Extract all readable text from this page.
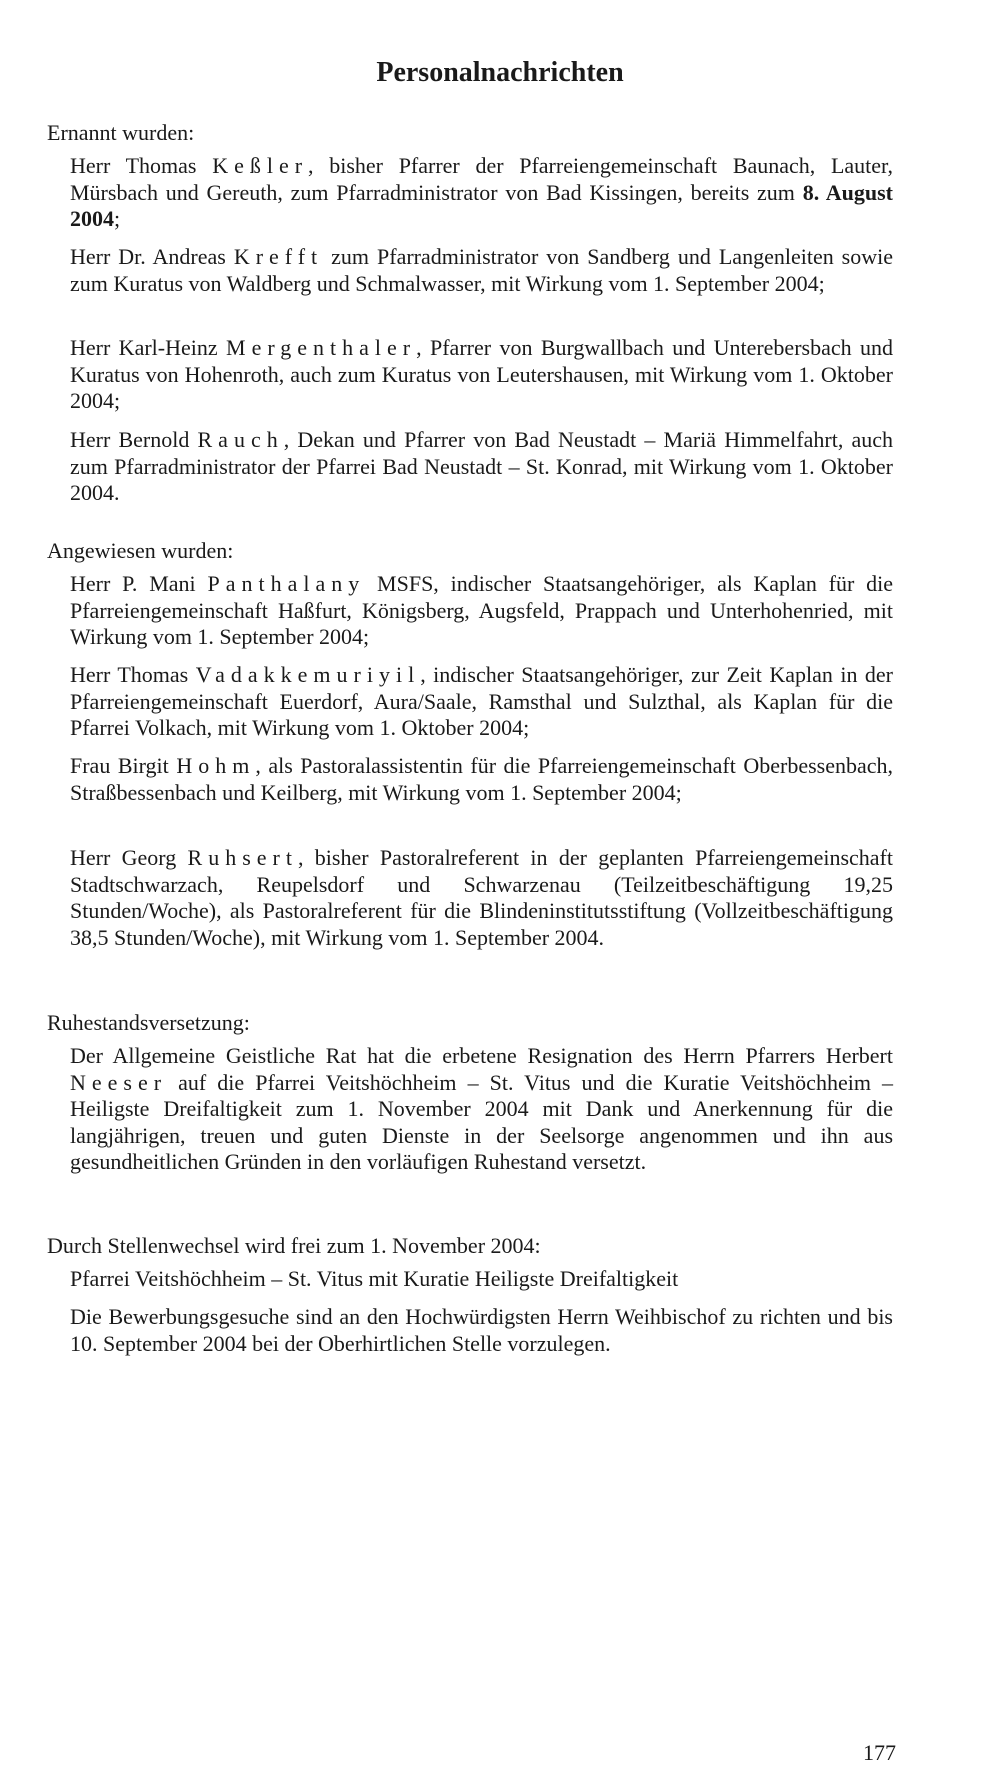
Personalnachrichten

Ernannt wurden:

Herr Thomas Keßler, bisher Pfarrer der Pfarreiengemeinschaft Baunach, Lauter, Mürsbach und Gereuth, zum Pfarradministrator von Bad Kissingen, bereits zum 8. August 2004;

Herr Dr. Andreas Krefft zum Pfarradministrator von Sandberg und Langenleiten sowie zum Kuratus von Waldberg und Schmalwasser, mit Wirkung vom 1. September 2004;

Herr Karl-Heinz Mergenthaler, Pfarrer von Burgwallbach und Unterebersbach und Kuratus von Hohenroth, auch zum Kuratus von Leutershausen, mit Wirkung vom 1. Oktober 2004;

Herr Bernold Rauch, Dekan und Pfarrer von Bad Neustadt – Mariä Himmelfahrt, auch zum Pfarradministrator der Pfarrei Bad Neustadt – St. Konrad, mit Wirkung vom 1. Oktober 2004.

Angewiesen wurden:

Herr P. Mani Panthalany MSFS, indischer Staatsangehöriger, als Kaplan für die Pfarreiengemeinschaft Haßfurt, Königsberg, Augsfeld, Prappach und Unterhohenried, mit Wirkung vom 1. September 2004;

Herr Thomas Vadakkemuriyil, indischer Staatsangehöriger, zur Zeit Kaplan in der Pfarreiengemeinschaft Euerdorf, Aura/Saale, Ramsthal und Sulzthal, als Kaplan für die Pfarrei Volkach, mit Wirkung vom 1. Oktober 2004;

Frau Birgit Hohm, als Pastoralassistentin für die Pfarreiengemeinschaft Oberbessenbach, Straßbessenbach und Keilberg, mit Wirkung vom 1. September 2004;

Herr Georg Ruhsert, bisher Pastoralreferent in der geplanten Pfarreiengemeinschaft Stadtschwarzach, Reupelsdorf und Schwarzenau (Teilzeitbeschäftigung 19,25 Stunden/Woche), als Pastoralreferent für die Blindeninstitutsstiftung (Vollzeitbeschäftigung 38,5 Stunden/Woche), mit Wirkung vom 1. September 2004.

Ruhestandsversetzung:

Der Allgemeine Geistliche Rat hat die erbetene Resignation des Herrn Pfarrers Herbert Neeser auf die Pfarrei Veitshöchheim – St. Vitus und die Kuratie Veitshöchheim – Heiligste Dreifaltigkeit zum 1. November 2004 mit Dank und Anerkennung für die langjährigen, treuen und guten Dienste in der Seelsorge angenommen und ihn aus gesundheitlichen Gründen in den vorläufigen Ruhestand versetzt.

Durch Stellenwechsel wird frei zum 1. November 2004:

Pfarrei Veitshöchheim – St. Vitus mit Kuratie Heiligste Dreifaltigkeit

Die Bewerbungsgesuche sind an den Hochwürdigsten Herrn Weihbischof zu richten und bis 10. September 2004 bei der Oberhirtlichen Stelle vorzulegen.

177
